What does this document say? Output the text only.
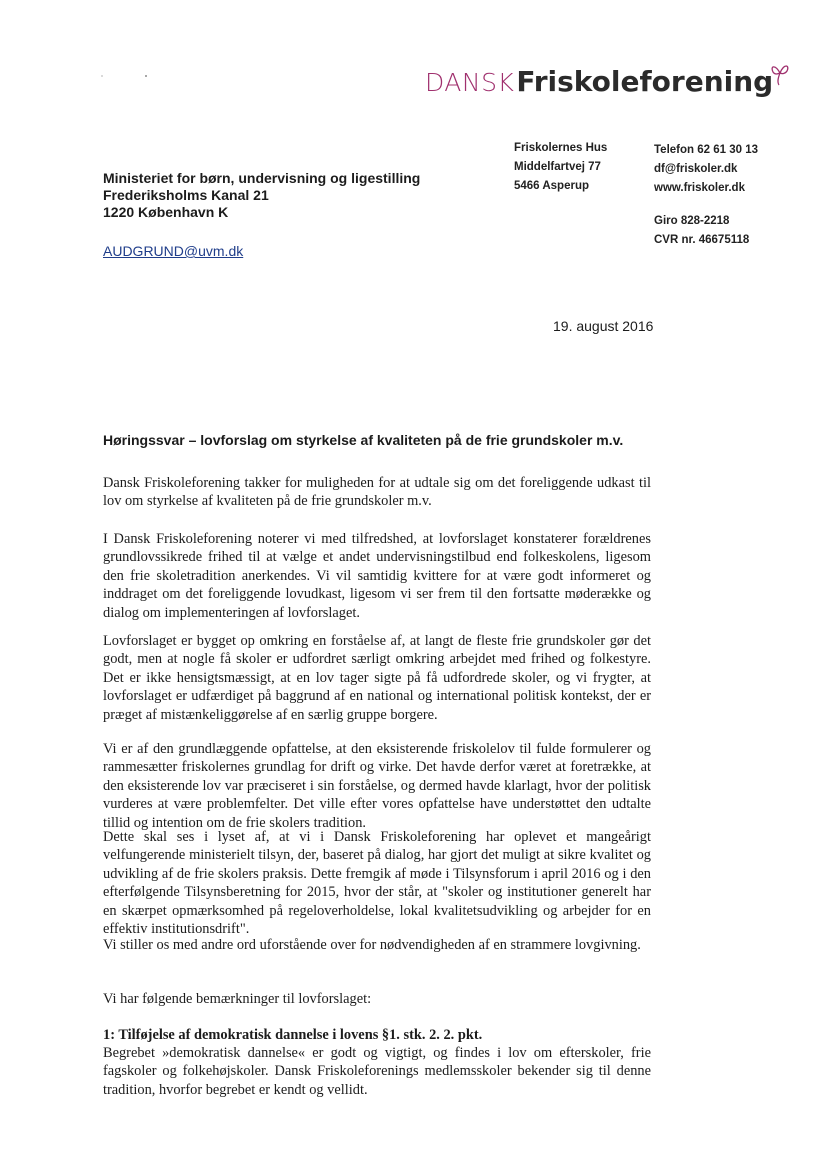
DANSKFriskoleforening
Friskolernes Hus
Middelfartvej 77
5466 Asperup
Telefon 62 61 30 13
df@friskoler.dk
www.friskoler.dk
Giro 828-2218
CVR nr. 46675118
Ministeriet for børn, undervisning og ligestilling
Frederiksholms Kanal 21
1220 København K
AUDGRUND@uvm.dk
19. august 2016
Høringssvar – lovforslag om styrkelse af kvaliteten på de frie grundskoler m.v.

Dansk Friskoleforening takker for muligheden for at udtale sig om det foreliggende udkast til lov om styrkelse af kvaliteten på de frie grundskoler m.v.

I Dansk Friskoleforening noterer vi med tilfredshed, at lovforslaget konstaterer forældrenes grundlovssikrede frihed til at vælge et andet undervisningstilbud end folkeskolens, ligesom den frie skoletradition anerkendes. Vi vil samtidig kvittere for at være godt informeret og inddraget om det foreliggende lovudkast, ligesom vi ser frem til den fortsatte møderække og dialog om implementeringen af lovforslaget.

Lovforslaget er bygget op omkring en forståelse af, at langt de fleste frie grundskoler gør det godt, men at nogle få skoler er udfordret særligt omkring arbejdet med frihed og folkestyre. Det er ikke hensigtsmæssigt, at en lov tager sigte på få udfordrede skoler, og vi frygter, at lovforslaget er udfærdiget på baggrund af en national og international politisk kontekst, der er præget af mistænkeliggørelse af en særlig gruppe borgere.

Vi er af den grundlæggende opfattelse, at den eksisterende friskolelov til fulde formulerer og rammesætter friskolernes grundlag for drift og virke. Det havde derfor været at foretrække, at den eksisterende lov var præciseret i sin forståelse, og dermed havde klarlagt, hvor der politisk vurderes at være problemfelter. Det ville efter vores opfattelse have understøttet den udtalte tillid og intention om de frie skolers tradition.

Dette skal ses i lyset af, at vi i Dansk Friskoleforening har oplevet et mangeårigt velfungerende ministerielt tilsyn, der, baseret på dialog, har gjort det muligt at sikre kvalitet og udvikling af de frie skolers praksis. Dette fremgik af møde i Tilsynsforum i april 2016 og i den efterfølgende Tilsynsberetning for 2015, hvor der står, at "skoler og institutioner generelt har en skærpet opmærksomhed på regeloverholdelse, lokal kvalitetsudvikling og arbejder for en effektiv institutionsdrift".

Vi stiller os med andre ord uforstående over for nødvendigheden af en strammere lovgivning.

Vi har følgende bemærkninger til lovforslaget:

1: Tilføjelse af demokratisk dannelse i lovens §1. stk. 2. 2. pkt.

Begrebet »demokratisk dannelse« er godt og vigtigt, og findes i lov om efterskoler, frie fagskoler og folkehøjskoler. Dansk Friskoleforenings medlemsskoler bekender sig til denne tradition, hvorfor begrebet er kendt og vellidt.
